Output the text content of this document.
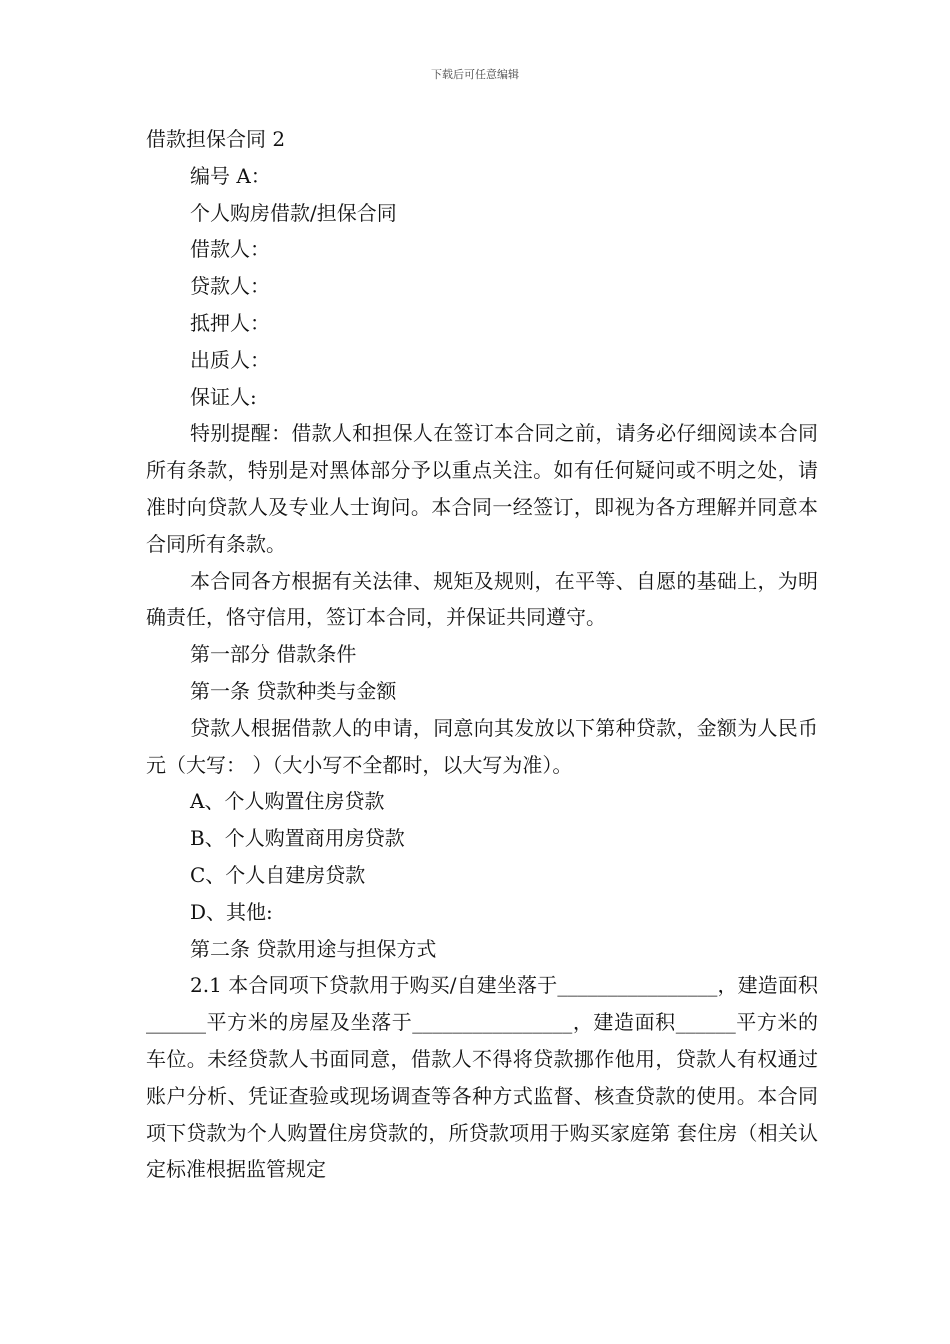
下载后可任意编辑

借款担保合同 2

编号 A：

个人购房借款/担保合同

借款人：

贷款人：

抵押人：

出质人：

保证人:

特别提醒：借款人和担保人在签订本合同之前，请务必仔细阅读本合同所有条款，特别是对黑体部分予以重点关注。如有任何疑问或不明之处，请准时向贷款人及专业人士询问。本合同一经签订，即视为各方理解并同意本合同所有条款。

本合同各方根据有关法律、规矩及规则，在平等、自愿的基础上，为明确责任，恪守信用，签订本合同，并保证共同遵守。

第一部分 借款条件

第一条 贷款种类与金额

贷款人根据借款人的申请，同意向其发放以下第种贷款，金额为人民币 元（大写： ）（大小写不全都时，以大写为准）。

A、个人购置住房贷款

B、个人购置商用房贷款

C、个人自建房贷款

D、其他:

第二条 贷款用途与担保方式

2.1 本合同项下贷款用于购买/自建坐落于________________，建造面积______平方米的房屋及坐落于________________，建造面积______平方米的车位。未经贷款人书面同意，借款人不得将贷款挪作他用，贷款人有权通过账户分析、凭证查验或现场调查等各种方式监督、核查贷款的使用。本合同项下贷款为个人购置住房贷款的，所贷款项用于购买家庭第 套住房（相关认定标准根据监管规定
